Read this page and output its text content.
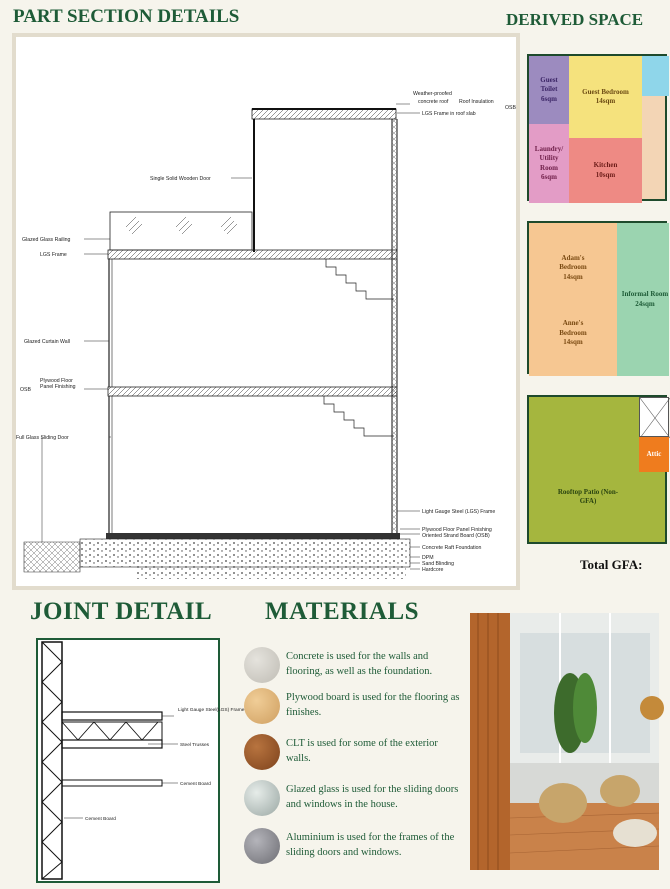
PART SECTION DETAILS	DERIVED SPACE
Weather-proofed
concrete roof Roof Insulation
OSB
LGS Frame in roof slab
Single Solid Wooden Door
Glazed Glass Railing
LGS Frame
Glazed Curtain Wall
Plywood Floor
Panel Finishing
OSB
Full Glass Sliding Door
Light Gauge Steel (LGS) Frame
Plywood Floor Panel Finishing
Oriented Strand Board (OSB)
Concrete Raft Foundation
DPM
Sand Blinding
Hardcore
Guest Toilet 6sqm
Guest Bedroom 14sqm
Laundry/ Utility Room 6sqm
Kitchen 10sqm
Adam's Bedroom 14sqm
Anne's Bedroom 14sqm
Informal Room 24sqm
Rooftop Patio (Non-GFA)
Attic
Total GFA:
JOINT DETAIL MATERIALS
Light Gauge Steel(LGS) Frame
Steel Trusses
Cement Board
Cement Board
Concrete is used for the walls and flooring, as well as the foundation.
Plywood board is used for the flooring as finishes.
CLT is used for some of the exterior walls.
Glazed glass is used for the sliding doors and windows in the house.
Aluminium is used for the frames of the sliding doors and windows.
